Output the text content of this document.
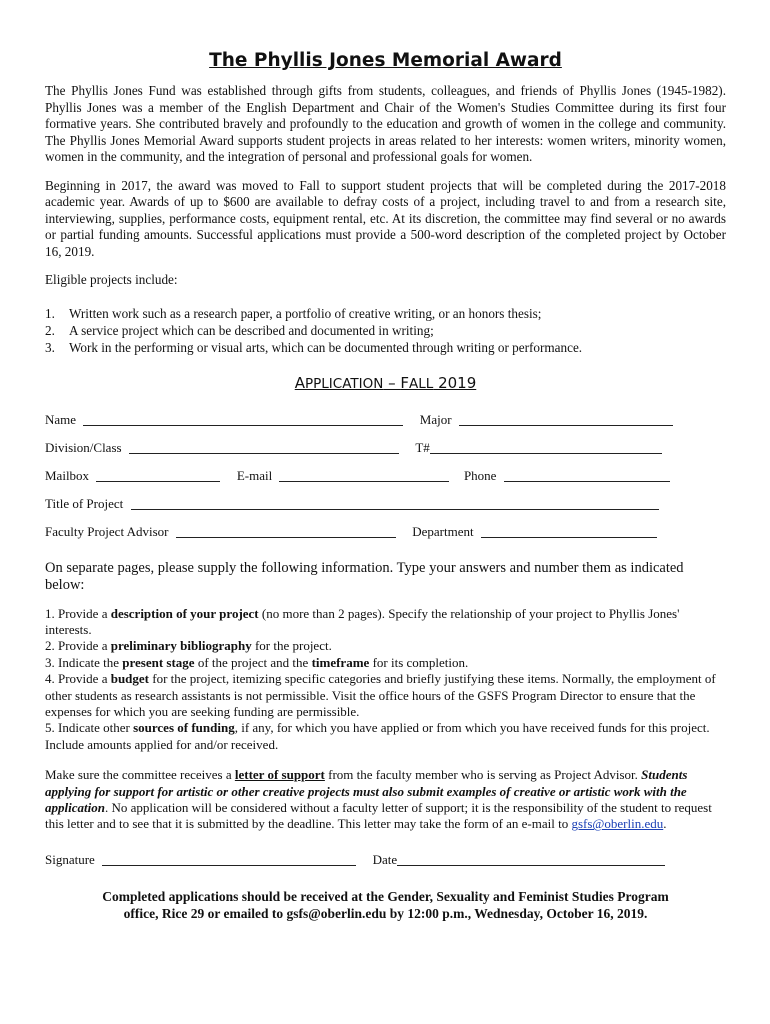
The Phyllis Jones Memorial Award

The Phyllis Jones Fund was established through gifts from students, colleagues, and friends of Phyllis Jones (1945-1982). Phyllis Jones was a member of the English Department and Chair of the Women's Studies Committee during its first four formative years. She contributed bravely and profoundly to the education and growth of women in the college and community. The Phyllis Jones Memorial Award supports student projects in areas related to her interests: women writers, minority women, women in the community, and the integration of personal and professional goals for women.

Beginning in 2017, the award was moved to Fall to support student projects that will be completed during the 2017-2018 academic year. Awards of up to $600 are available to defray costs of a project, including travel to and from a research site, interviewing, supplies, performance costs, equipment rental, etc. At its discretion, the committee may find several or no awards or partial funding amounts. Successful applications must provide a 500-word description of the completed project by October 16, 2019.

Eligible projects include:

1.	Written work such as a research paper, a portfolio of creative writing, or an honors thesis;
2.	A service project which can be described and documented in writing;
3.	Work in the performing or visual arts, which can be documented through writing or performance.
APPLICATION – FALL 2019
Name	Major
Division/Class	T#
Mailbox	E-mail	Phone
Title of Project
Faculty Project Advisor	Department

On separate pages, please supply the following information. Type your answers and number them as indicated below:

1. Provide a description of your project (no more than 2 pages). Specify the relationship of your project to Phyllis Jones' interests.

2. Provide a preliminary bibliography for the project.

3. Indicate the present stage of the project and the timeframe for its completion.

4. Provide a budget for the project, itemizing specific categories and briefly justifying these items. Normally, the employment of other students as research assistants is not permissible. Visit the office hours of the GSFS Program Director to ensure that the expenses for which you are seeking funding are permissible.

5. Indicate other sources of funding, if any, for which you have applied or from which you have received funds for this project. Include amounts applied for and/or received.

Make sure the committee receives a letter of support from the faculty member who is serving as Project Advisor. Students applying for support for artistic or other creative projects must also submit examples of creative or artistic work with the application. No application will be considered without a faculty letter of support; it is the responsibility of the student to request this letter and to see that it is submitted by the deadline. This letter may take the form of an e-mail to gsfs@oberlin.edu.

Signature	Date
Completed applications should be received at the Gender, Sexuality and Feminist Studies Program
office, Rice 29 or emailed to gsfs@oberlin.edu by 12:00 p.m., Wednesday, October 16, 2019.
